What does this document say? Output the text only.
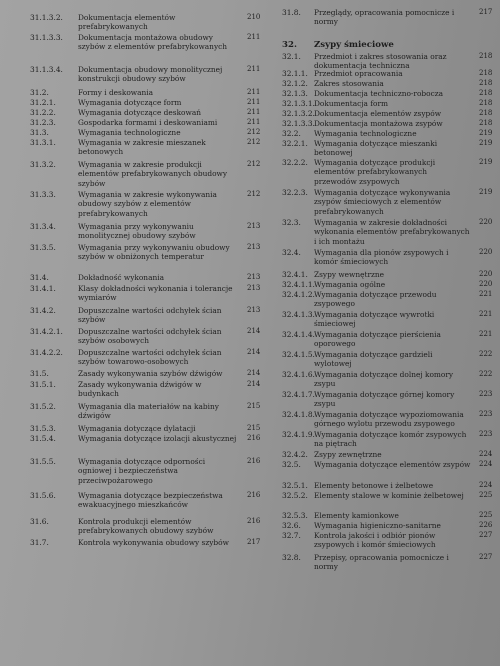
31.1.3.2. Dokumentacja elementów prefabrykowanych
210
31.1.3.3. Dokumentacja montażowa obudowy szybów z elementów prefabrykowanych
211
31.1.3.4. Dokumentacja obudowy monolitycznej konstrukcji obudowy szybów
211
31.2.	Formy i deskowania	211
31.2.1.	Wymagania dotyczące form	211
31.2.2.	Wymagania dotyczące deskowań	211
31.2.3.	Gospodarka formami i deskowaniami	211
31.3.	Wymagania technologiczne	212
31.3.1.	Wymagania w zakresie mieszanek betonowych
212
31.3.2.	Wymagania w zakresie produkcji elementów prefabrykowanych obudowy szybów
212
31.3.3.	Wymagania w zakresie wykonywania obudowy szybów z elementów prefabrykowanych
212
31.3.4.	Wymagania przy wykonywaniu monolitycznej obudowy szybów
213
31.3.5.	Wymagania przy wykonywaniu obudowy szybów w obniżonych temperatur
213
31.4.	Dokładność wykonania	213
31.4.1.	Klasy dokładności wykonania i tolerancje wymiarów
213
31.4.2.	Dopuszczalne wartości odchyłek ścian szybów
213
31.4.2.1. Dopuszczalne wartości odchyłek ścian szybów osobowych
214
31.4.2.2. Dopuszczalne wartości odchyłek ścian szybów towarowo-osobowych
214
31.5.	Zasady wykonywania szybów dźwigów	214
31.5.1.	Zasady wykonywania dźwigów w budynkach
214
31.5.2.	Wymagania dla materiałów na kabiny dźwigów
215
31.5.3.	Wymagania dotyczące dylatacji	215
31.5.4.	Wymagania dotyczące izolacji akustycznej 216
31.5.5.	Wymagania dotyczące odporności ogniowej i bezpieczeństwa przeciwpożarowego
216
31.5.6.	Wymagania dotyczące bezpieczeństwa ewakuacyjnego mieszkańców
216
31.6.	Kontrola produkcji elementów prefabrykowanych obudowy szybów
216
31.7.	Kontrola wykonywania obudowy szybów	217
31.8. Przeglądy, opracowania pomocnicze i normy
217
32. Zsypy śmieciowe
32.1. Przedmiot i zakres stosowania oraz dokumentacja techniczna
218
32.1.1. Przedmiot opracowania	218
32.1.2. Zakres stosowania	218
32.1.3. Dokumentacja techniczno-robocza	218
32.1.3.1. Dokumentacja form	218
32.1.3.2. Dokumentacja elementów zsypów	218
32.1.3.3. Dokumentacja montażowa zsypów	218
32.2. Wymagania technologiczne	219
32.2.1. Wymagania dotyczące mieszanki betonowej
219
32.2.2. Wymagania dotyczące produkcji elementów prefabrykowanych przewodów zsypowych
219
32.2.3. Wymagania dotyczące wykonywania zsypów śmieciowych z elementów prefabrykowanych
219
32.3. Wymagania w zakresie dokładności wykonania elementów prefabrykowanych i ich montażu
220
32.4. Wymagania dla pionów zsypowych i komór śmieciowych
220
32.4.1. Zsypy wewnętrzne	220
32.4.1.1. Wymagania ogólne	220
32.4.1.2. Wymagania dotyczące przewodu zsypowego
221
32.4.1.3. Wymagania dotyczące wywrotki śmieciowej
221
32.4.1.4. Wymagania dotyczące pierścienia oporowego
221
32.4.1.5. Wymagania dotyczące gardzieli wylotowej
222
32.4.1.6. Wymagania dotyczące dolnej komory zsypu
222
32.4.1.7. Wymagania dotyczące górnej komory zsypu
223
32.4.1.8. Wymagania dotyczące wypoziomowania górnego wylotu przewodu zsypowego
223
32.4.1.9. Wymagania dotyczące komór zsypowych na piętrach
223
32.4.2. Zsypy zewnętrzne	224
32.5. Wymagania dotyczące elementów zsypów 224
32.5.1. Elementy betonowe i żelbetowe	224
32.5.2. Elementy stalowe w kominie żelbetowej	225
32.5.3. Elementy kamionkowe	225
32.6. Wymagania higieniczno-sanitarne	226
32.7. Kontrola jakości i odbiór pionów zsypowych i komór śmieciowych
227
32.8. Przepisy, opracowania pomocnicze i normy
227
